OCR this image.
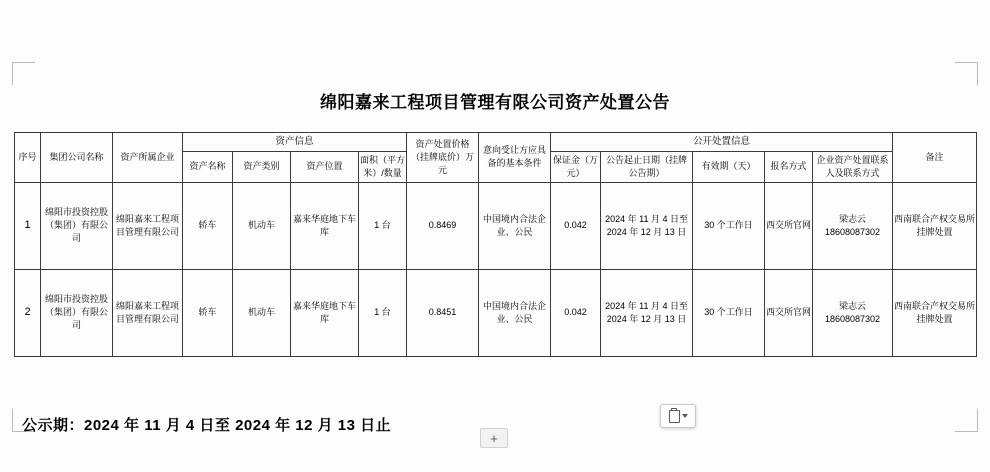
绵阳嘉来工程项目管理有限公司资产处置公告
序号	集团公司名称	资产所属企业	资产信息				资产处置价格（挂牌底价）万元	意向受让方应具备的基本条件	公开处置信息					备注
			资产名称	资产类别	资产位置	面积（平方米）/数量			保证金（万元）	公告起止日期（挂牌公告期）	有效期（天）	报名方式	企业资产处置联系人及联系方式	
1	绵阳市投资控股（集团）有限公司	绵阳嘉来工程项目管理有限公司	轿车	机动车	嘉来华庭地下车库	1 台	0.8469	中国境内合法企业、公民	0.042	2024 年 11 月 4 日至 2024 年 12 月 13 日	30 个工作日	西交所官网	梁志云 18608087302	西南联合产权交易所挂牌处置
2	绵阳市投资控股（集团）有限公司	绵阳嘉来工程项目管理有限公司	轿车	机动车	嘉来华庭地下车库	1 台	0.8451	中国境内合法企业、公民	0.042	2024 年 11 月 4 日至 2024 年 12 月 13 日	30 个工作日	西交所官网	梁志云 18608087302	西南联合产权交易所挂牌处置
公示期：2024 年 11 月 4 日至 2024 年 12 月 13 日止
+
